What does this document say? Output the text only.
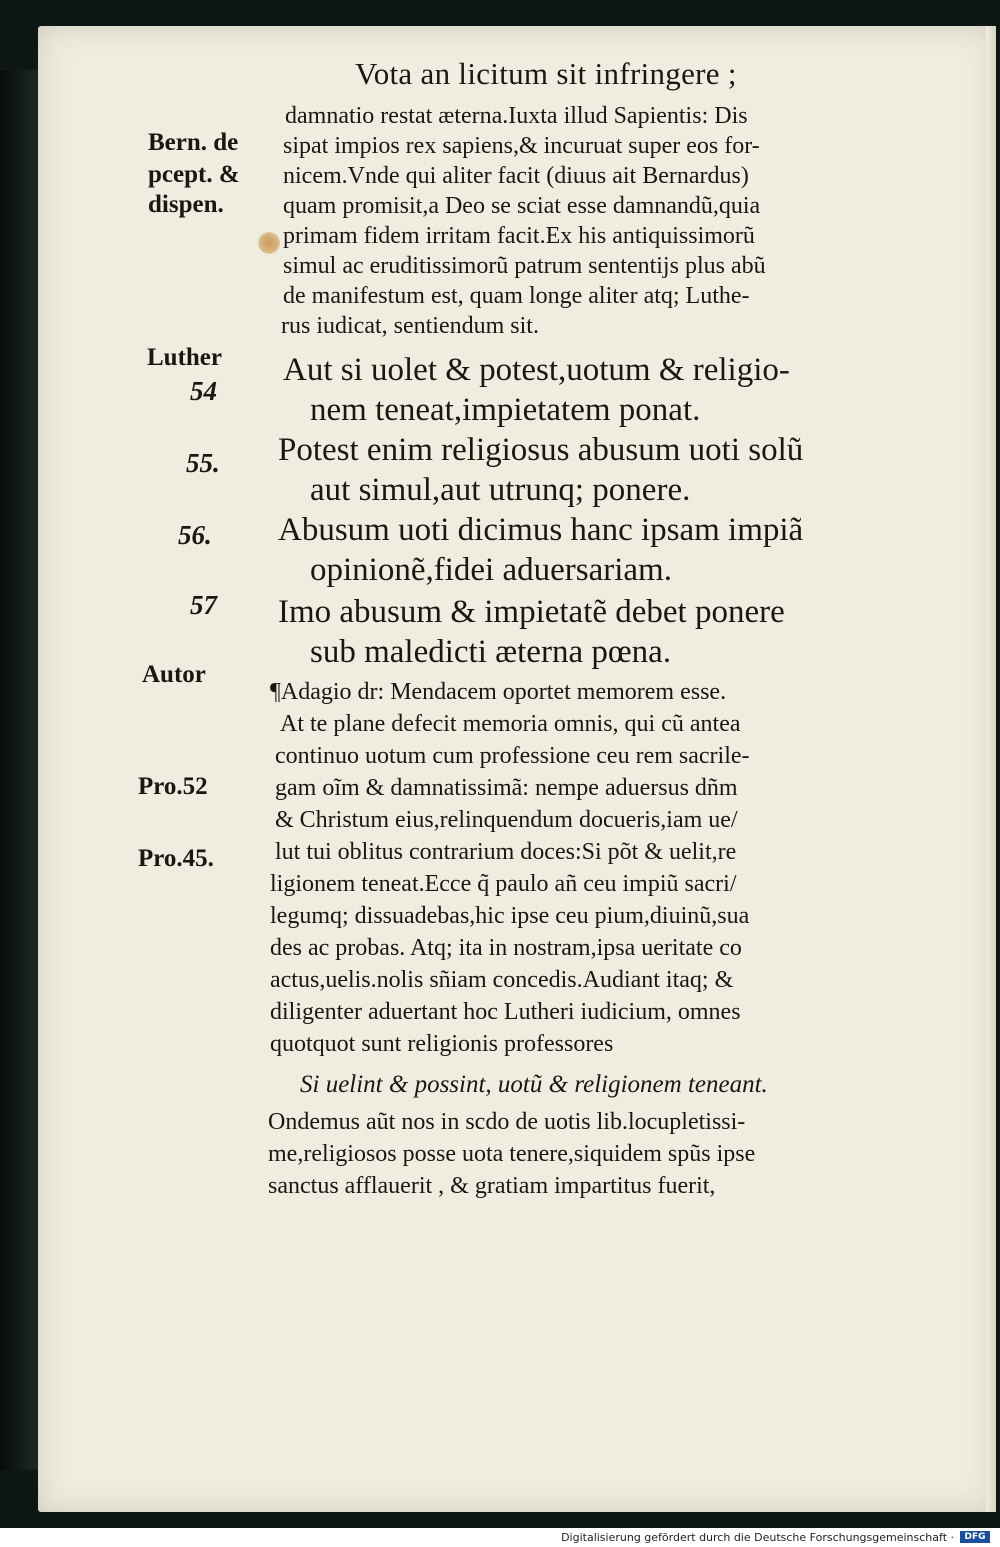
Vota an licitum sit infringere ;
Bern. de
pcept. &
dispen.
Luther
54
55.
56.
57
Autor
Pro.52
Pro.45.
damnatio restat æterna.Iuxta illud Sapientis: Dis
sipat impios rex sapiens,& incuruat super eos for-
nicem.Vnde qui aliter facit (diuus ait Bernardus)
quam promisit,a Deo se sciat esse damnandũ,quia
primam fidem irritam facit.Ex his antiquissimorũ
simul ac eruditissimorũ patrum sententijs plus abũ
de manifestum est, quam longe aliter atq; Luthe-
rus iudicat, sentiendum sit.
Aut si uolet & potest,uotum & religio-
nem teneat,impietatem ponat.
Potest enim religiosus abusum uoti solũ
aut simul,aut utrunq; ponere.
Abusum uoti dicimus hanc ipsam impiã
opinionẽ,fidei aduersariam.
Imo abusum & impietatẽ debet ponere
sub maledicti æterna pœna.
¶Adagio dr: Mendacem oportet memorem esse.
At te plane defecit memoria omnis, qui cũ antea
continuo uotum cum professione ceu rem sacrile-
gam oĩm & damnatissimã: nempe aduersus dñm
& Christum eius,relinquendum docueris,iam ue/
lut tui oblitus contrarium doces:Si põt & uelit,re
ligionem teneat.Ecce q̃ paulo añ ceu impiũ sacri/
legumq; dissuadebas,hic ipse ceu pium,diuinũ,sua
des ac probas. Atq; ita in nostram,ipsa ueritate co
actus,uelis.nolis sñiam concedis.Audiant itaq; &
diligenter aduertant hoc Lutheri iudicium, omnes
quotquot sunt religionis professores
Si uelint & possint, uotũ & religionem teneant.
Ondemus aũt nos in scdo de uotis lib.locupletissi-
me,religiosos posse uota tenere,siquidem spũs ipse
sanctus afflauerit , & gratiam impartitus fuerit,
Digitalisierung gefördert durch die Deutsche Forschungsgemeinschaft ·	DFG
